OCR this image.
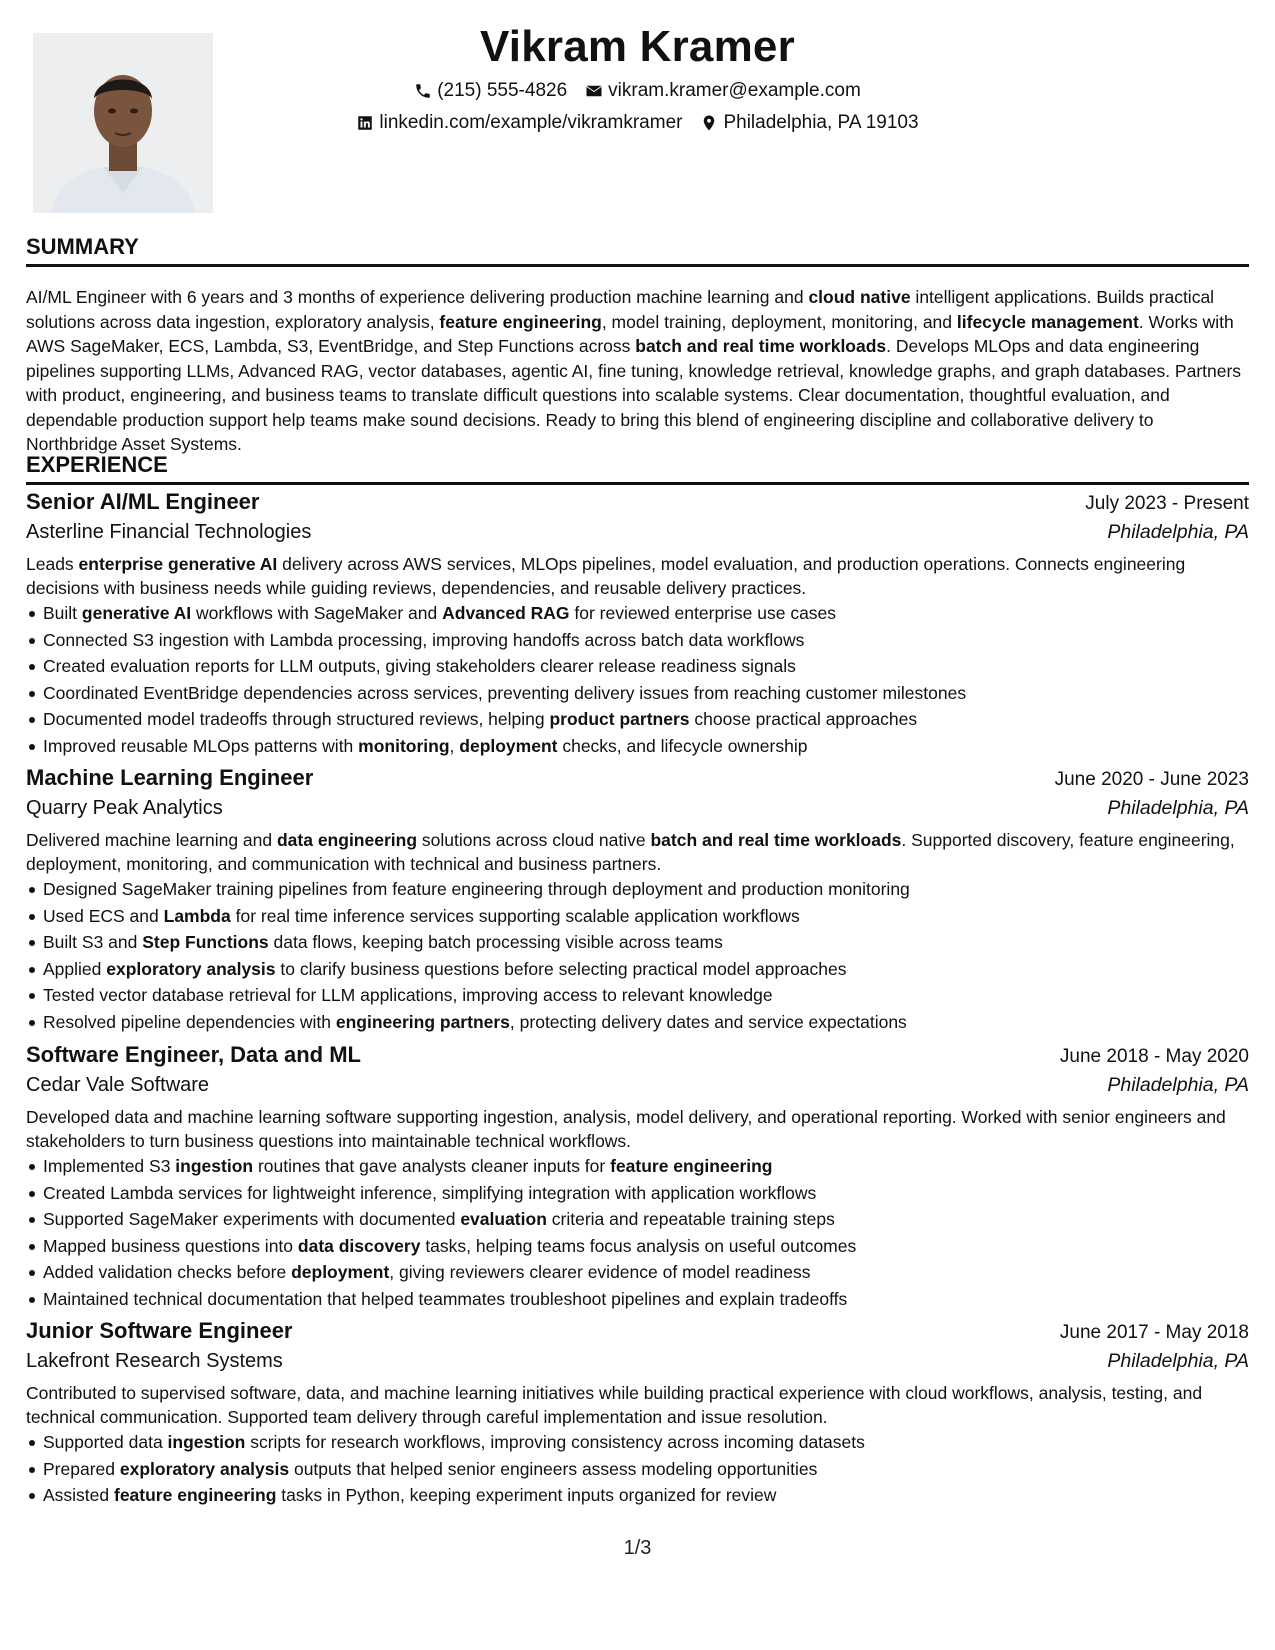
Vikram Kramer
(215) 555-4826 vikram.kramer@example.com
linkedin.com/example/vikramkramer Philadelphia, PA 19103
SUMMARY
AI/ML Engineer with 6 years and 3 months of experience delivering production machine learning and cloud native intelligent applications. Builds practical solutions across data ingestion, exploratory analysis, feature engineering, model training, deployment, monitoring, and lifecycle management. Works with AWS SageMaker, ECS, Lambda, S3, EventBridge, and Step Functions across batch and real time workloads. Develops MLOps and data engineering pipelines supporting LLMs, Advanced RAG, vector databases, agentic AI, fine tuning, knowledge retrieval, knowledge graphs, and graph databases. Partners with product, engineering, and business teams to translate difficult questions into scalable systems. Clear documentation, thoughtful evaluation, and dependable production support help teams make sound decisions. Ready to bring this blend of engineering discipline and collaborative delivery to Northbridge Asset Systems.
EXPERIENCE
Senior AI/ML Engineer	July 2023 - Present
Asterline Financial Technologies	Philadelphia, PA
Leads enterprise generative AI delivery across AWS services, MLOps pipelines, model evaluation, and production operations. Connects engineering decisions with business needs while guiding reviews, dependencies, and reusable delivery practices.
Built generative AI workflows with SageMaker and Advanced RAG for reviewed enterprise use cases
Connected S3 ingestion with Lambda processing, improving handoffs across batch data workflows
Created evaluation reports for LLM outputs, giving stakeholders clearer release readiness signals
Coordinated EventBridge dependencies across services, preventing delivery issues from reaching customer milestones
Documented model tradeoffs through structured reviews, helping product partners choose practical approaches
Improved reusable MLOps patterns with monitoring, deployment checks, and lifecycle ownership
Machine Learning Engineer	June 2020 - June 2023
Quarry Peak Analytics	Philadelphia, PA
Delivered machine learning and data engineering solutions across cloud native batch and real time workloads. Supported discovery, feature engineering, deployment, monitoring, and communication with technical and business partners.
Designed SageMaker training pipelines from feature engineering through deployment and production monitoring
Used ECS and Lambda for real time inference services supporting scalable application workflows
Built S3 and Step Functions data flows, keeping batch processing visible across teams
Applied exploratory analysis to clarify business questions before selecting practical model approaches
Tested vector database retrieval for LLM applications, improving access to relevant knowledge
Resolved pipeline dependencies with engineering partners, protecting delivery dates and service expectations
Software Engineer, Data and ML	June 2018 - May 2020
Cedar Vale Software	Philadelphia, PA
Developed data and machine learning software supporting ingestion, analysis, model delivery, and operational reporting. Worked with senior engineers and stakeholders to turn business questions into maintainable technical workflows.
Implemented S3 ingestion routines that gave analysts cleaner inputs for feature engineering
Created Lambda services for lightweight inference, simplifying integration with application workflows
Supported SageMaker experiments with documented evaluation criteria and repeatable training steps
Mapped business questions into data discovery tasks, helping teams focus analysis on useful outcomes
Added validation checks before deployment, giving reviewers clearer evidence of model readiness
Maintained technical documentation that helped teammates troubleshoot pipelines and explain tradeoffs
Junior Software Engineer	June 2017 - May 2018
Lakefront Research Systems	Philadelphia, PA
Contributed to supervised software, data, and machine learning initiatives while building practical experience with cloud workflows, analysis, testing, and technical communication. Supported team delivery through careful implementation and issue resolution.
Supported data ingestion scripts for research workflows, improving consistency across incoming datasets
Prepared exploratory analysis outputs that helped senior engineers assess modeling opportunities
Assisted feature engineering tasks in Python, keeping experiment inputs organized for review
1/3
